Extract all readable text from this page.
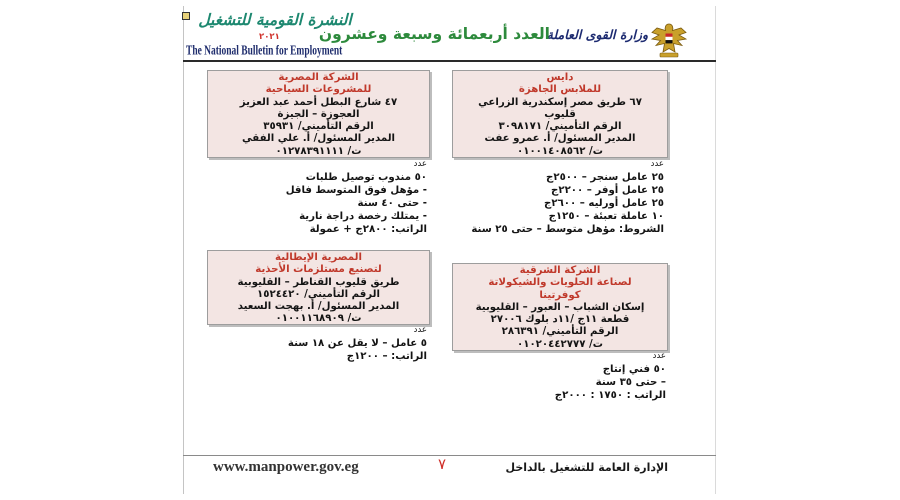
وزارة القوى العاملة
العدد أربعمائة وسبعة وعشرون
النشرة القومية للتشغيل
٢٠٢١
The National Bulletin for Employment
دايس
للملابس الجاهزة
٦٧ طريق مصر إسكندرية الزراعي
قليوب
الرقم التأميني/ ٣٠٩٨١٧١
المدير المسئول/ أ. عمرو عفت
ت/ ٠١٠٠١٤٠٨٥٦٢
عدد
٢٥ عامل سنجر – ٢٥٠٠ج
٢٥ عامل أوفر – ٢٢٠٠ج
٢٥ عامل أورليه – ٢٦٠٠ج
١٠ عاملة تعبئة – ١٢٥٠ج
الشروط: مؤهل متوسط – حتى ٢٥ سنة
الشركة المصرية
للمشروعات السياحية
٤٧ شارع البطل أحمد عبد العزيز
العجوزة – الجيزة
الرقم التأميني/ ٣٥٩٣١
المدير المسئول/ أ. علي الفقي
ت/ ٠١٢٧٨٣٩١١١١
عدد
٥٠ مندوب توصيل طلبات
- مؤهل فوق المتوسط فاقل
- حتى ٤٠ سنة
- يمتلك رخصة دراجة نارية
الراتب: ٢٨٠٠ج + عمولة
الشركة الشرقية
لصناعة الحلويات والشيكولاتة
كوفرتينا
إسكان الشباب – العبور – القليوبية
قطعة ١١ج /١١د بلوك ٢٧٠٠٦
الرقم التأميني/ ٢٨٦٣٩١
ت/ ٠١٠٢٠٤٤٢٧٧٧
عدد
٥٠ فني إنتاج
– حتى ٣٥ سنة
الراتب : ١٧٥٠ : ٢٠٠٠ج
المصرية الإيطالية
لتصنيع مستلزمات الأحذية
طريق قليوب القناطر – القليوبية
الرقم التأميني/ ١٥٢٤٤٢٠
المدير المسئول/ أ. بهجت السعيد
ت/ ٠١٠٠١١٦٨٩٠٩
عدد
٥ عامل – لا يقل عن ١٨ سنة
الراتب: – ١٢٠٠ج
www.manpower.gov.eg	٧	الإدارة العامة للتشغيل بالداخل
